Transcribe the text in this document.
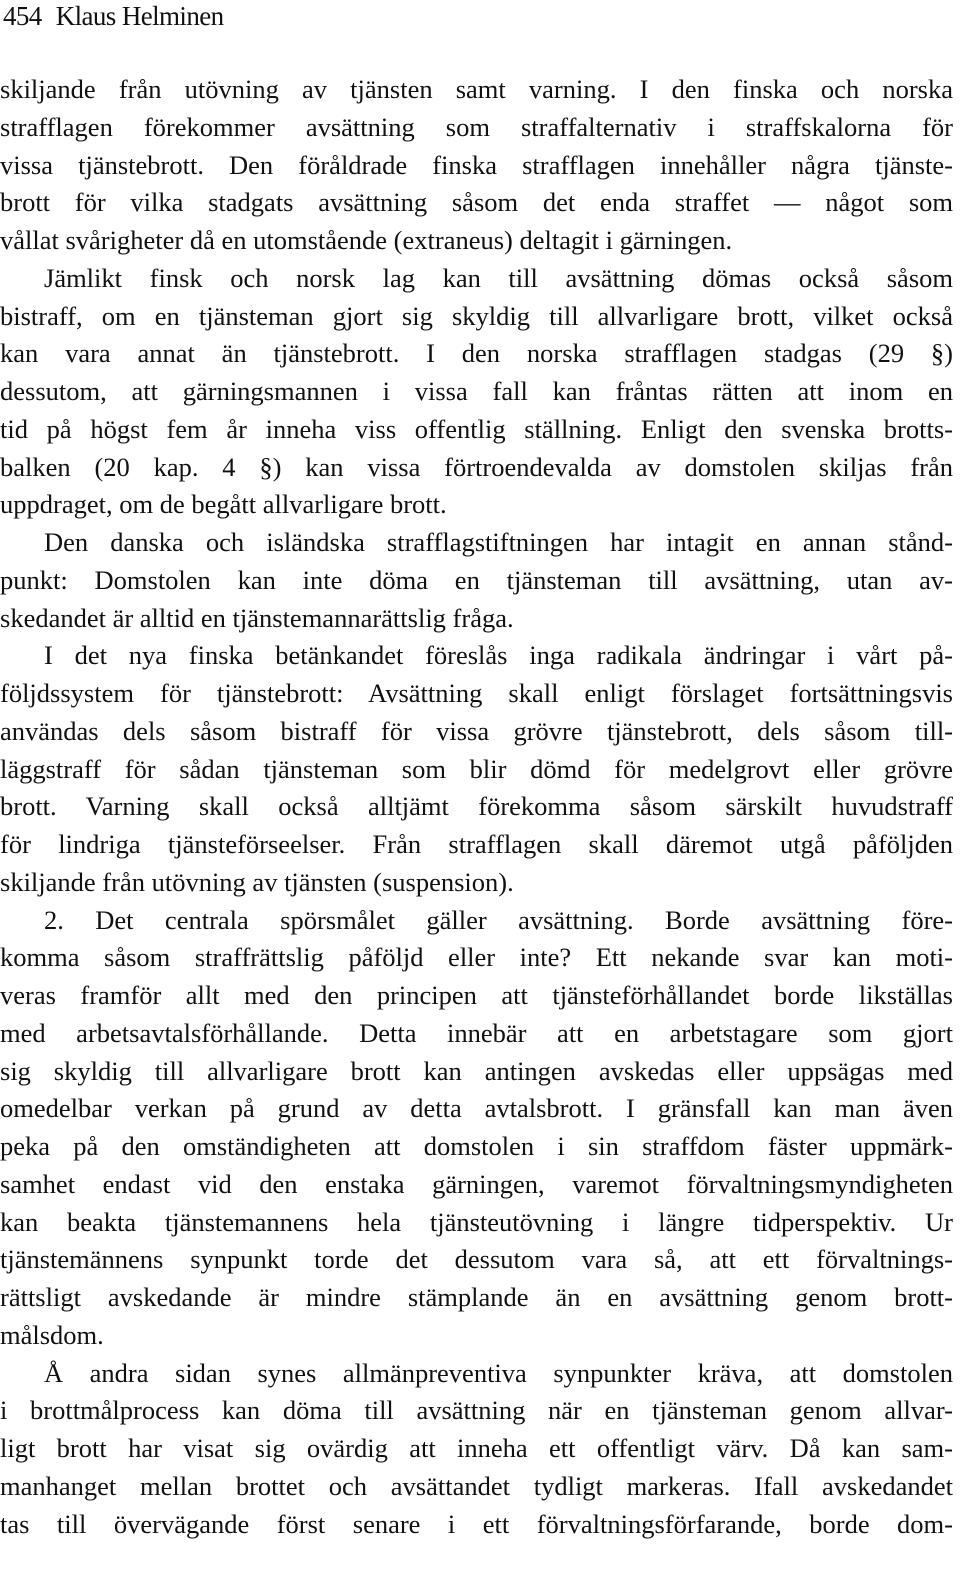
454 Klaus Helminen
skiljande från utövning av tjänsten samt varning. I den finska och norska
strafflagen förekommer avsättning som straffalternativ i straffskalorna för
vissa tjänstebrott. Den föråldrade finska strafflagen innehåller några tjänste-
brott för vilka stadgats avsättning såsom det enda straffet — något som
vållat svårigheter då en utomstående (extraneus) deltagit i gärningen.
Jämlikt finsk och norsk lag kan till avsättning dömas också såsom
bistraff, om en tjänsteman gjort sig skyldig till allvarligare brott, vilket också
kan vara annat än tjänstebrott. I den norska strafflagen stadgas (29 §)
dessutom, att gärningsmannen i vissa fall kan fråntas rätten att inom en
tid på högst fem år inneha viss offentlig ställning. Enligt den svenska brotts-
balken (20 kap. 4 §) kan vissa förtroendevalda av domstolen skiljas från
uppdraget, om de begått allvarligare brott.
Den danska och isländska strafflagstiftningen har intagit en annan stånd-
punkt: Domstolen kan inte döma en tjänsteman till avsättning, utan av-
skedandet är alltid en tjänstemannarättslig fråga.
I det nya finska betänkandet föreslås inga radikala ändringar i vårt på-
följdssystem för tjänstebrott: Avsättning skall enligt förslaget fortsättningsvis
användas dels såsom bistraff för vissa grövre tjänstebrott, dels såsom till-
läggstraff för sådan tjänsteman som blir dömd för medelgrovt eller grövre
brott. Varning skall också alltjämt förekomma såsom särskilt huvudstraff
för lindriga tjänsteförseelser. Från strafflagen skall däremot utgå påföljden
skiljande från utövning av tjänsten (suspension).
2. Det centrala spörsmålet gäller avsättning. Borde avsättning före-
komma såsom straffrättslig påföljd eller inte? Ett nekande svar kan moti-
veras framför allt med den principen att tjänsteförhållandet borde likställas
med arbetsavtalsförhållande. Detta innebär att en arbetstagare som gjort
sig skyldig till allvarligare brott kan antingen avskedas eller uppsägas med
omedelbar verkan på grund av detta avtalsbrott. I gränsfall kan man även
peka på den omständigheten att domstolen i sin straffdom fäster uppmärk-
samhet endast vid den enstaka gärningen, varemot förvaltningsmyndigheten
kan beakta tjänstemannens hela tjänsteutövning i längre tidperspektiv. Ur
tjänstemännens synpunkt torde det dessutom vara så, att ett förvaltnings-
rättsligt avskedande är mindre stämplande än en avsättning genom brott-
målsdom.
Å andra sidan synes allmänpreventiva synpunkter kräva, att domstolen
i brottmålprocess kan döma till avsättning när en tjänsteman genom allvar-
ligt brott har visat sig ovärdig att inneha ett offentligt värv. Då kan sam-
manhanget mellan brottet och avsättandet tydligt markeras. Ifall avskedandet
tas till övervägande först senare i ett förvaltningsförfarande, borde dom-
